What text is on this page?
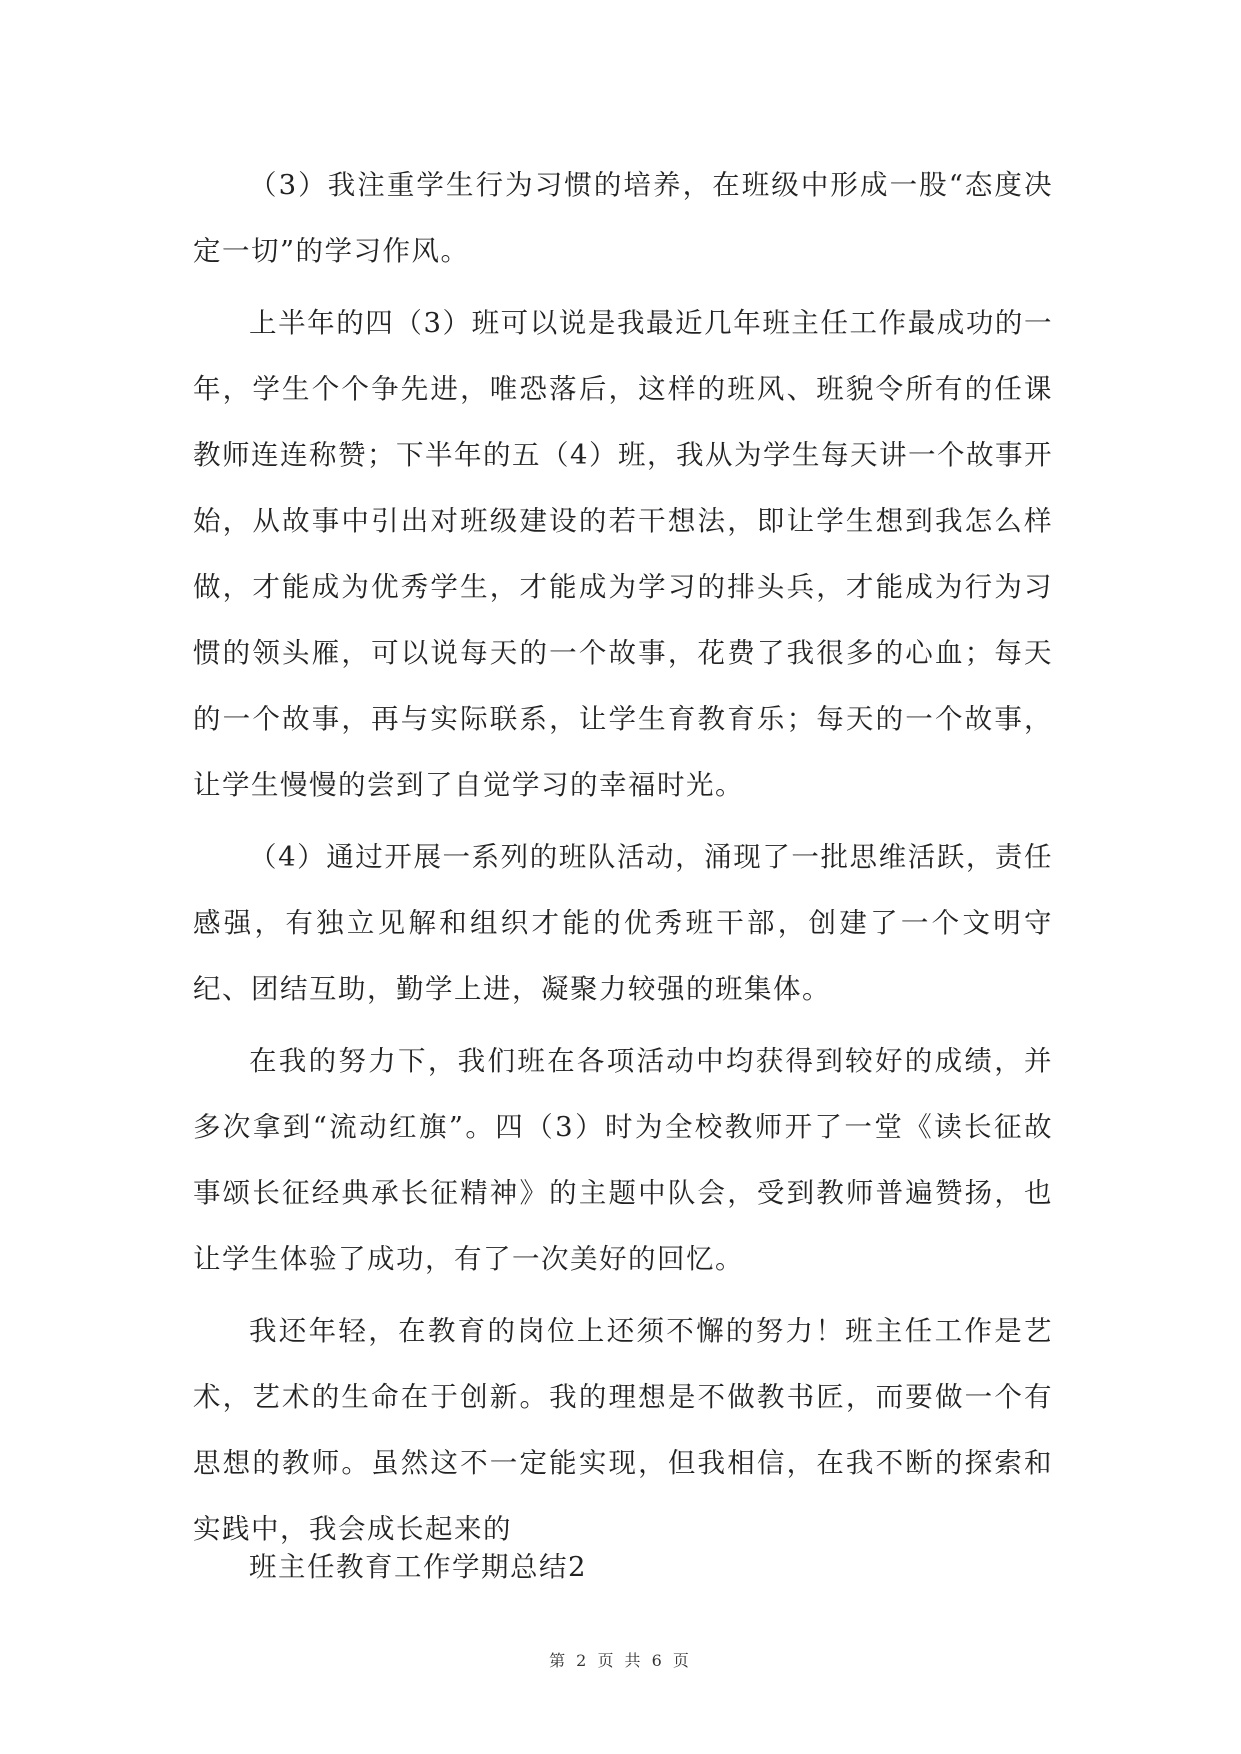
（3）我注重学生行为习惯的培养，在班级中形成一股“态度决定一切”的学习作风。

上半年的四（3）班可以说是我最近几年班主任工作最成功的一年，学生个个争先进，唯恐落后，这样的班风、班貌令所有的任课教师连连称赞；下半年的五（4）班，我从为学生每天讲一个故事开始，从故事中引出对班级建设的若干想法，即让学生想到我怎么样做，才能成为优秀学生，才能成为学习的排头兵，才能成为行为习惯的领头雁，可以说每天的一个故事，花费了我很多的心血；每天的一个故事，再与实际联系，让学生育教育乐；每天的一个故事，让学生慢慢的尝到了自觉学习的幸福时光。

（4）通过开展一系列的班队活动，涌现了一批思维活跃，责任感强，有独立见解和组织才能的优秀班干部，创建了一个文明守纪、团结互助，勤学上进，凝聚力较强的班集体。

在我的努力下，我们班在各项活动中均获得到较好的成绩，并多次拿到“流动红旗”。四（3）时为全校教师开了一堂《读长征故事颂长征经典承长征精神》的主题中队会，受到教师普遍赞扬，也让学生体验了成功，有了一次美好的回忆。

我还年轻，在教育的岗位上还须不懈的努力！班主任工作是艺术，艺术的生命在于创新。我的理想是不做教书匠，而要做一个有思想的教师。虽然这不一定能实现，但我相信，在我不断的探索和实践中，我会成长起来的

班主任教育工作学期总结2
第 2 页 共 6 页
